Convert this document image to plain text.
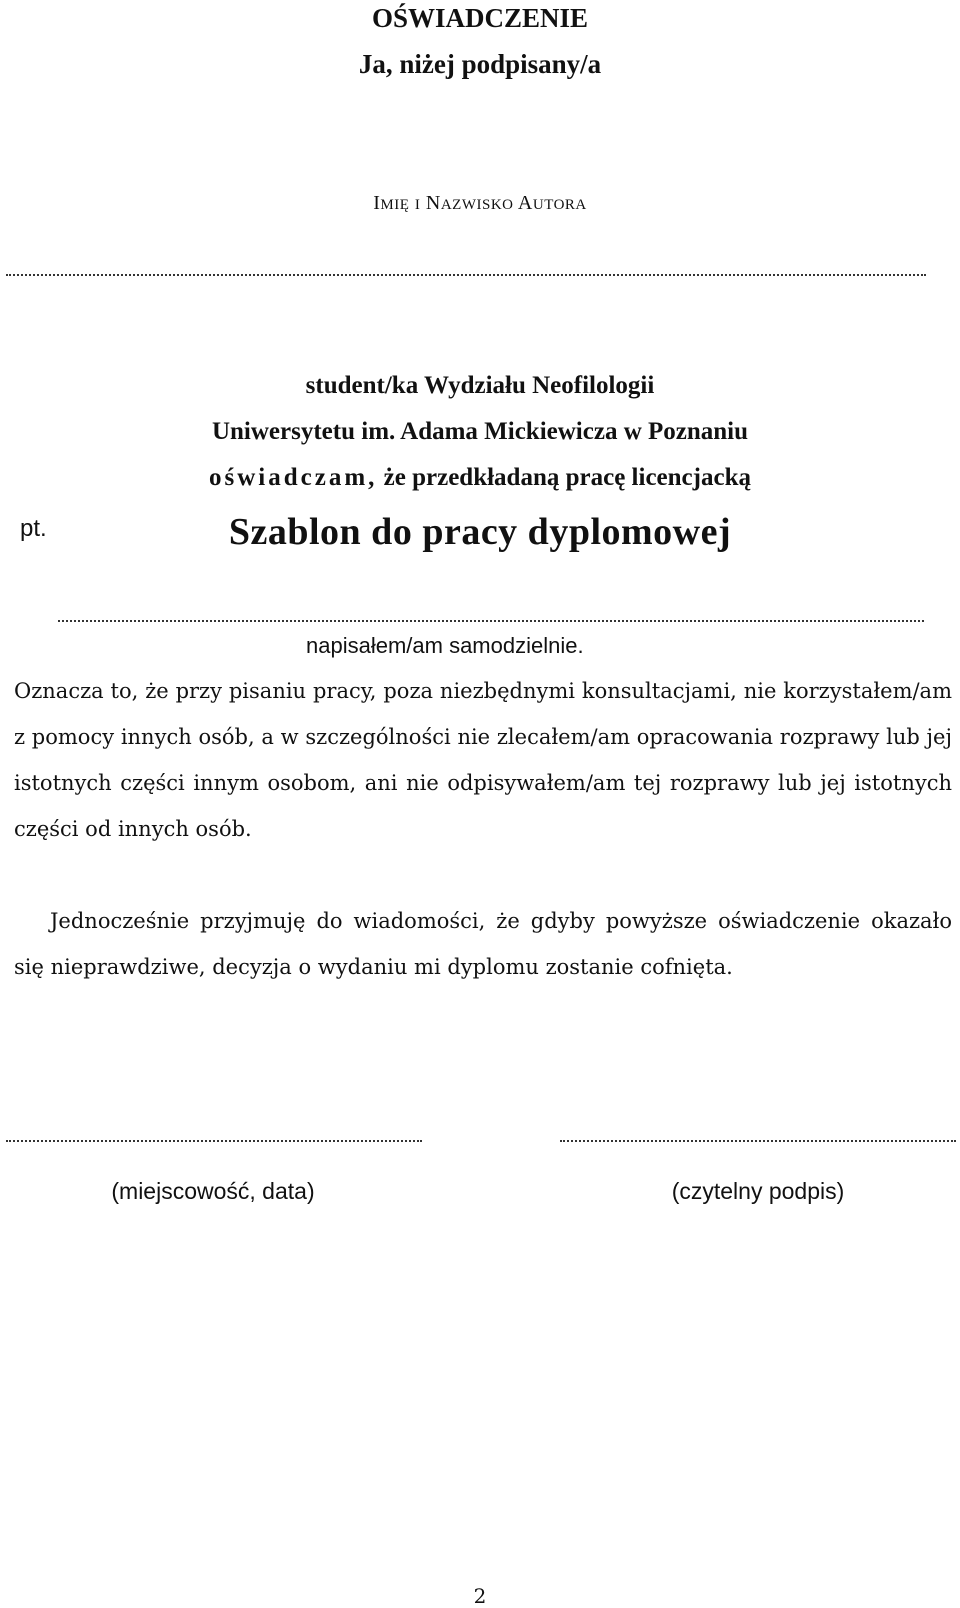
OŚWIADCZENIE
Ja, niżej podpisany/a
IMIĘ I NAZWISKO AUTORA
student/ka Wydziału Neofilologii
Uniwersytetu im. Adama Mickiewicza w Poznaniu
oświadczam, że przedkładaną pracę licencjacką
pt.	Szablon do pracy dyplomowej
napisałem/am samodzielnie.

Oznacza to, że przy pisaniu pracy, poza niezbędnymi konsultacjami, nie korzystałem/am z pomocy innych osób, a w szczególności nie zlecałem/am opracowania rozprawy lub jej istotnych części innym osobom, ani nie odpisywałem/am tej rozprawy lub jej istotnych części od innych osób.

Jednocześnie przyjmuję do wiadomości, że gdyby powyższe oświadczenie okazało się nieprawdziwe, decyzja o wydaniu mi dyplomu zostanie cofnięta.

(miejscowość, data)	(czytelny podpis)
2
